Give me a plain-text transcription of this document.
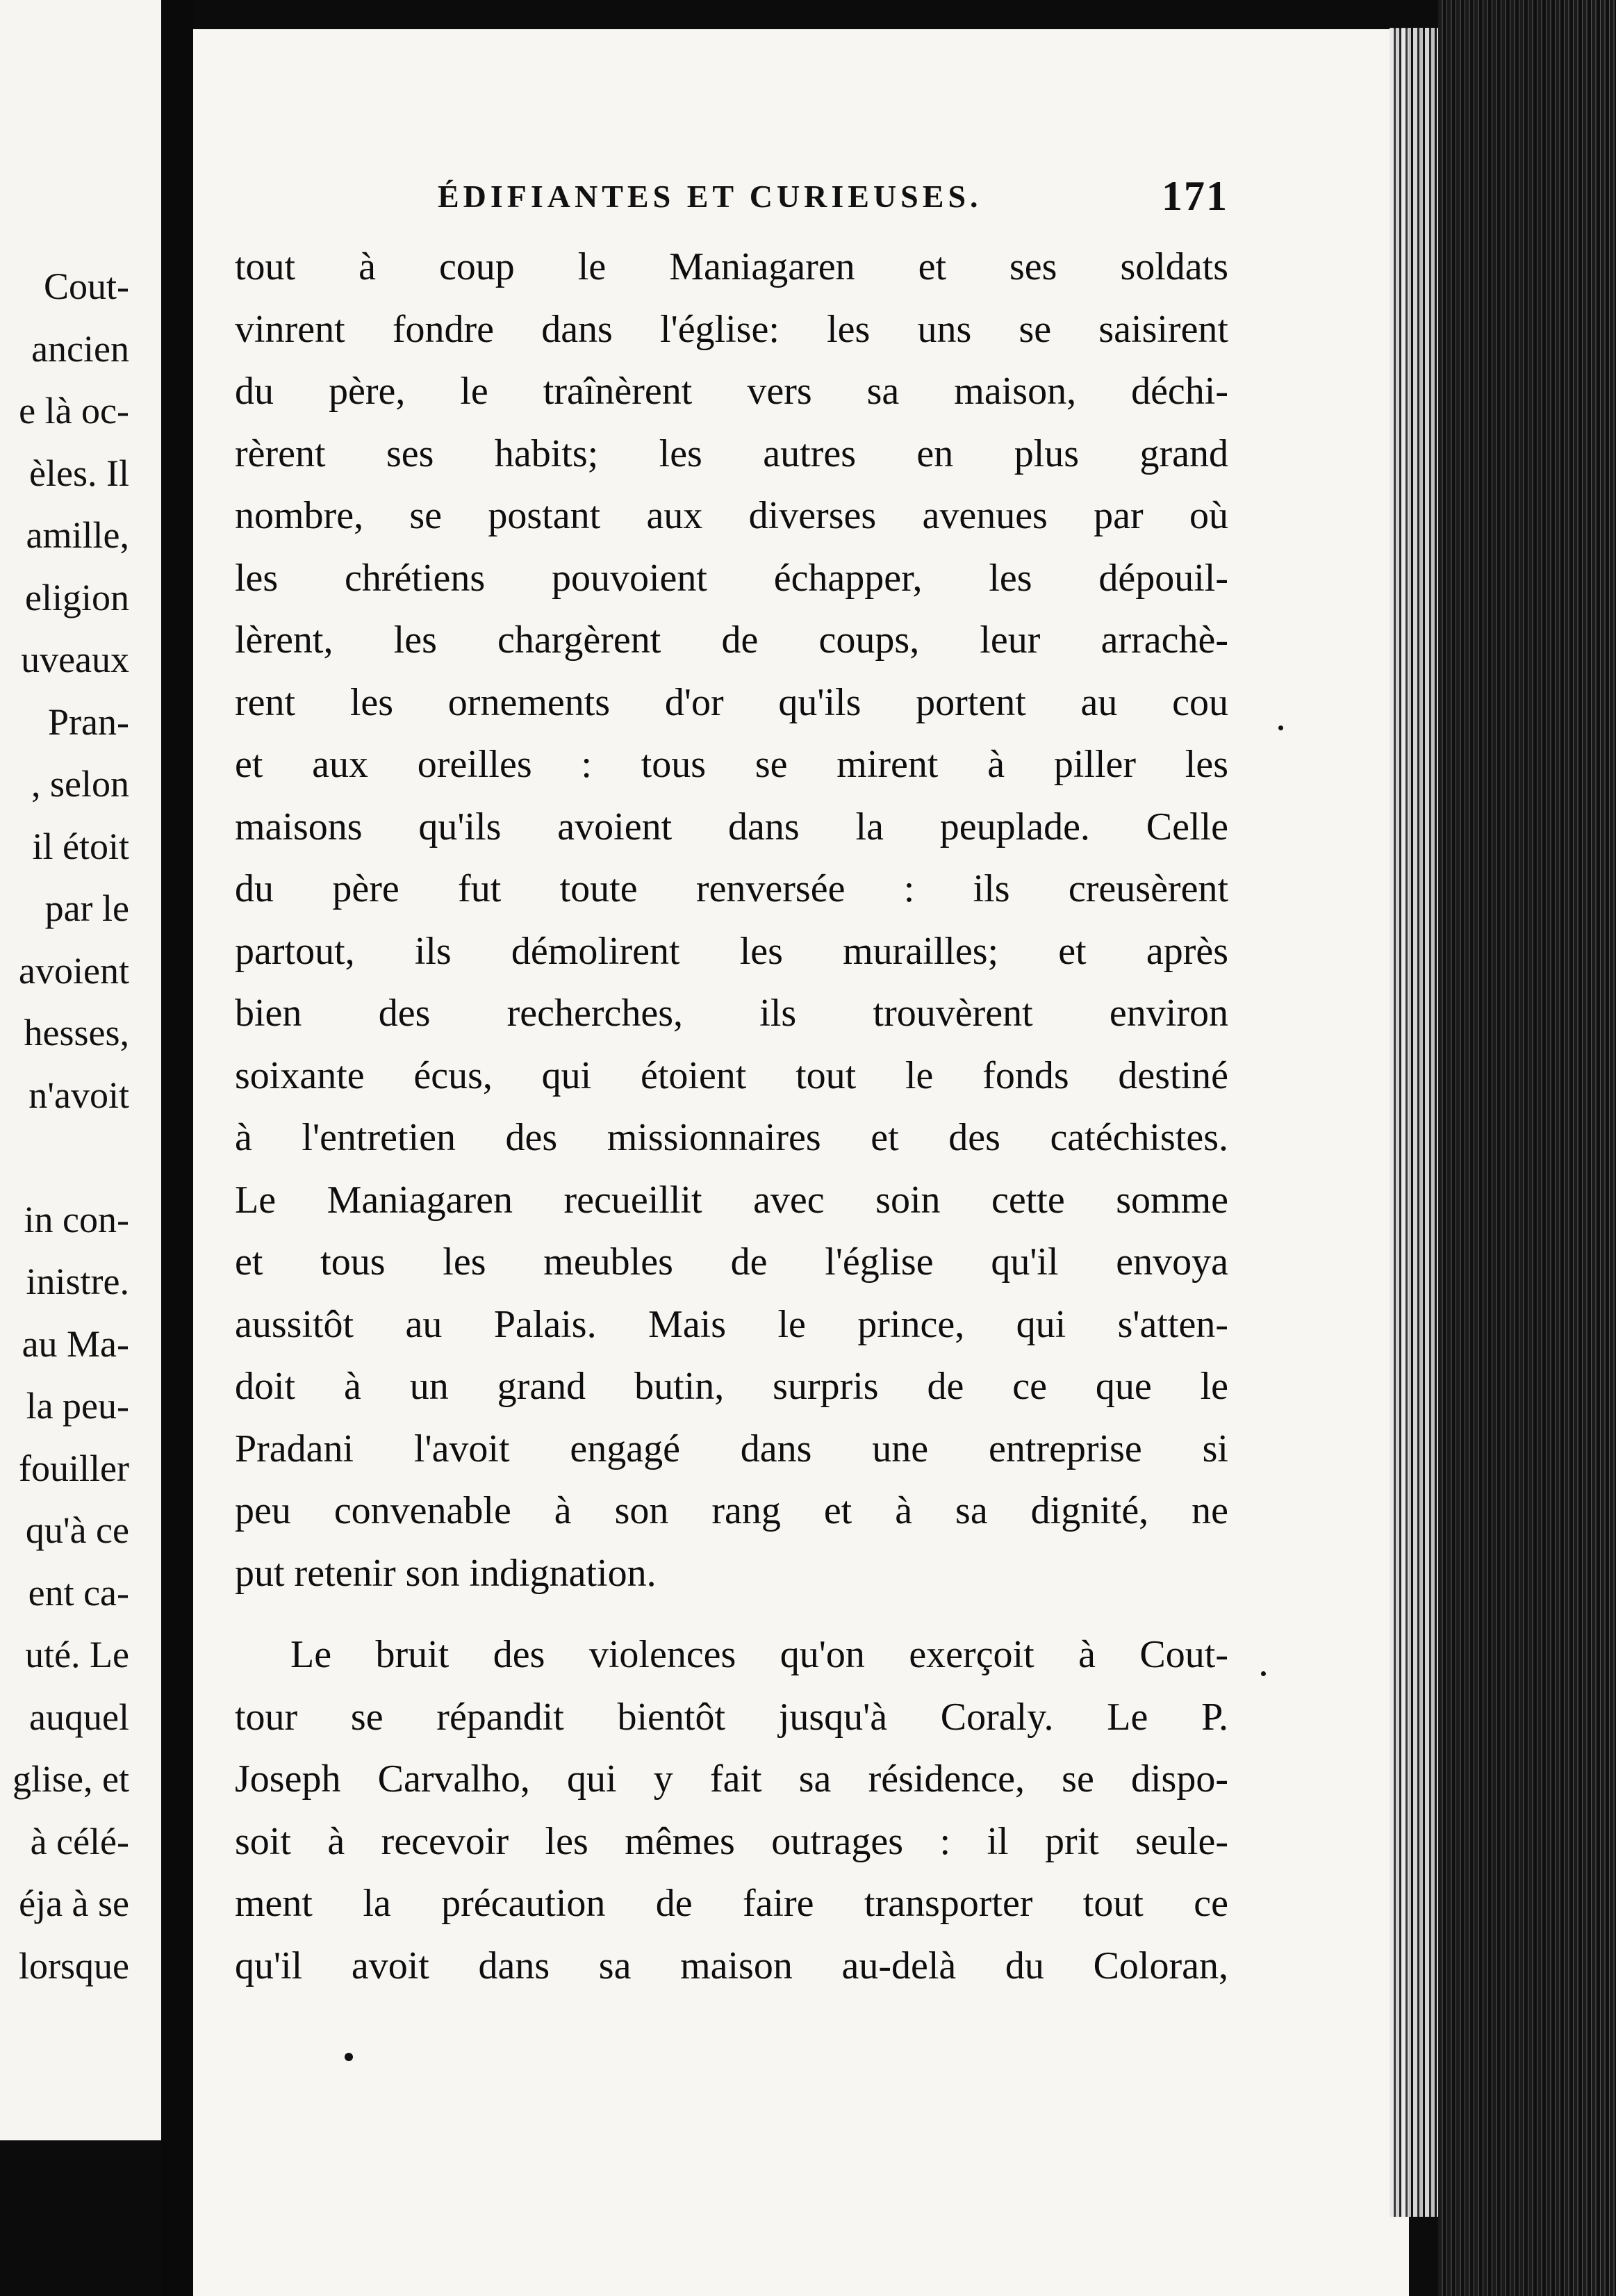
Cout-
ancien
e là oc-
èles. Il
amille,
eligion
uveaux
Pran-
, selon
il étoit
par le
avoient
hesses,
n'avoit
in con-
inistre.
au Ma-
la peu-
fouiller
qu'à ce
ent ca-
uté. Le
auquel
glise, et
à célé-
éja à se
lorsque
ÉDIFIANTES ET CURIEUSES.	171
tout à coup le Maniagaren et ses soldats
vinrent fondre dans l'église: les uns se saisirent
du père, le traînèrent vers sa maison, déchi-
rèrent ses habits; les autres en plus grand
nombre, se postant aux diverses avenues par où
les chrétiens pouvoient échapper, les dépouil-
lèrent, les chargèrent de coups, leur arrachè-
rent les ornements d'or qu'ils portent au cou
et aux oreilles : tous se mirent à piller les
maisons qu'ils avoient dans la peuplade. Celle
du père fut toute renversée : ils creusèrent
partout, ils démolirent les murailles; et après
bien des recherches, ils trouvèrent environ
soixante écus, qui étoient tout le fonds destiné
à l'entretien des missionnaires et des catéchistes.
Le Maniagaren recueillit avec soin cette somme
et tous les meubles de l'église qu'il envoya
aussitôt au Palais. Mais le prince, qui s'atten-
doit à un grand butin, surpris de ce que le
Pradani l'avoit engagé dans une entreprise si
peu convenable à son rang et à sa dignité, ne
put retenir son indignation.
Le bruit des violences qu'on exerçoit à Cout-
tour se répandit bientôt jusqu'à Coraly. Le P.
Joseph Carvalho, qui y fait sa résidence, se dispo-
soit à recevoir les mêmes outrages : il prit seule-
ment la précaution de faire transporter tout ce
qu'il avoit dans sa maison au-delà du Coloran,
